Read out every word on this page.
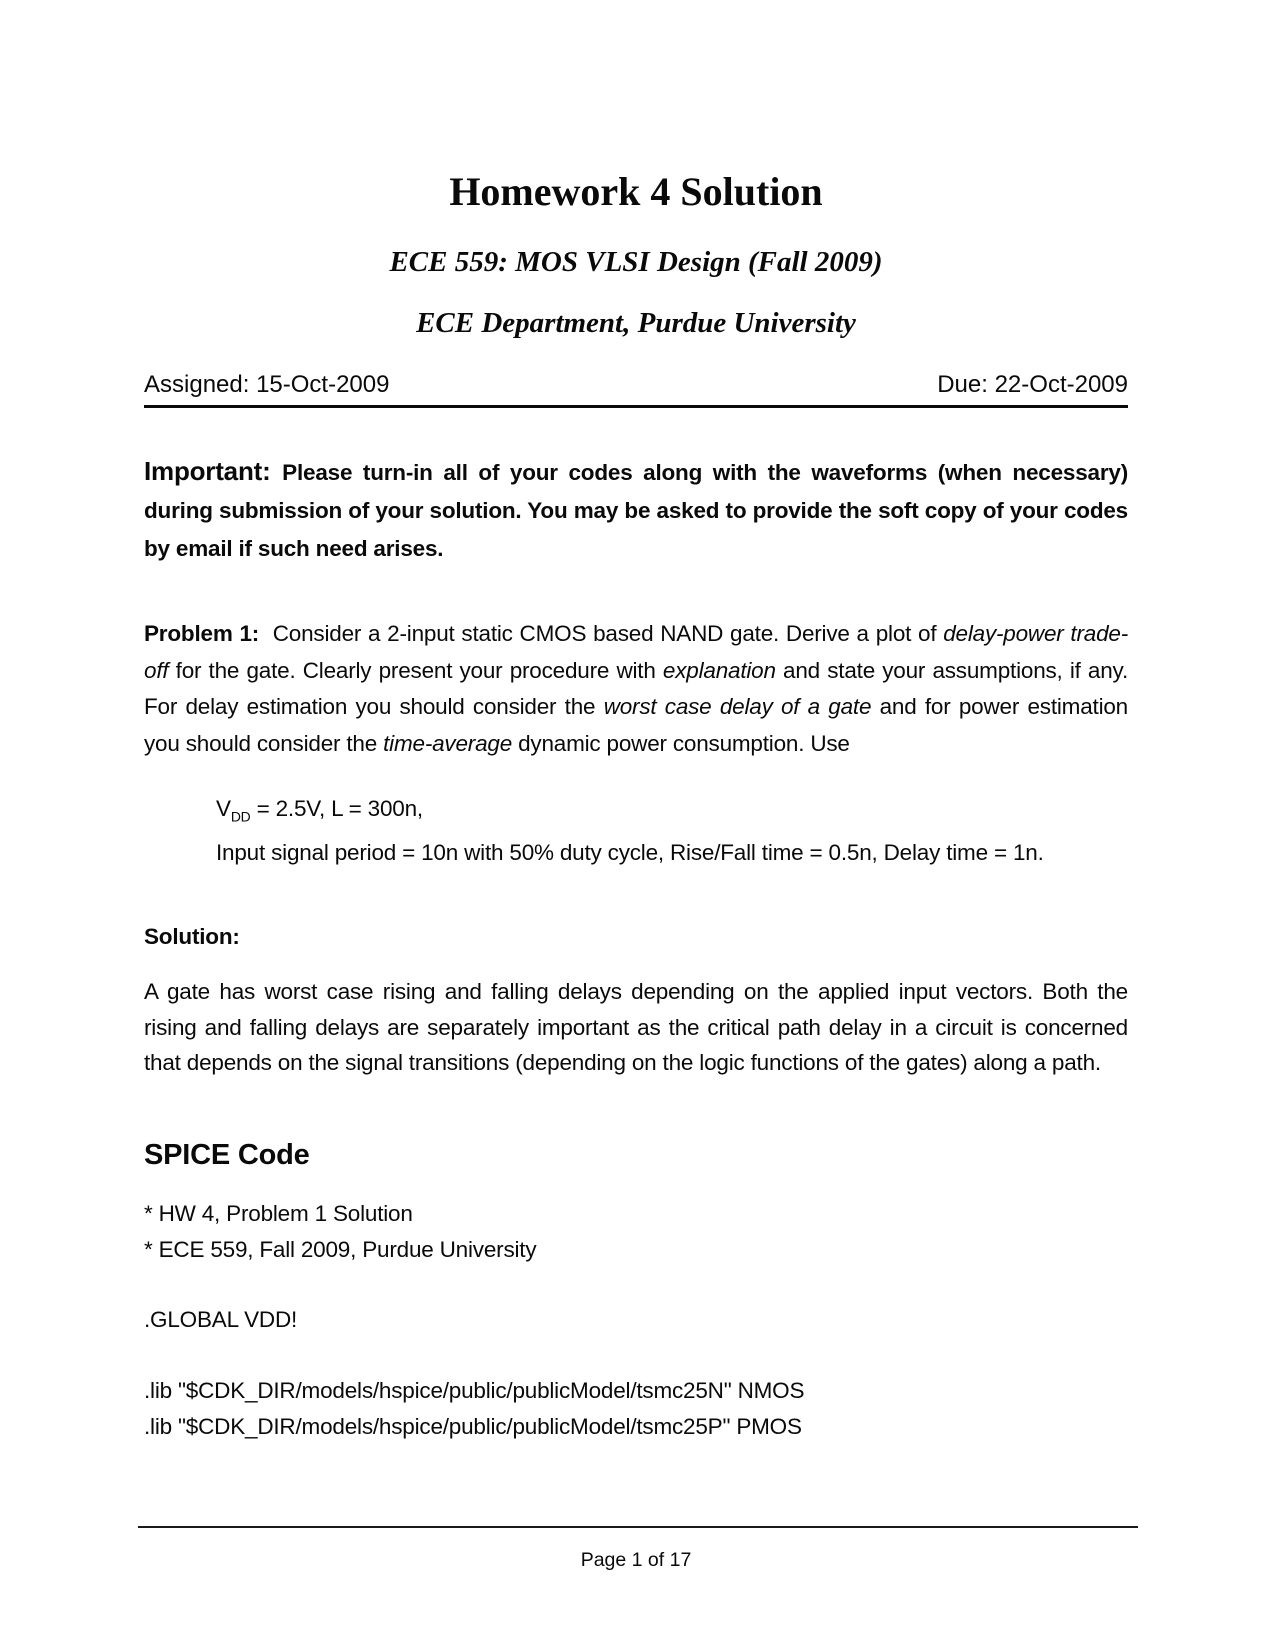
Homework 4 Solution
ECE 559: MOS VLSI Design (Fall 2009)
ECE Department, Purdue University
Assigned: 15-Oct-2009	Due: 22-Oct-2009

Important: Please turn-in all of your codes along with the waveforms (when necessary) during submission of your solution. You may be asked to provide the soft copy of your codes by email if such need arises.

Problem 1:  Consider a 2-input static CMOS based NAND gate. Derive a plot of delay-power trade-off for the gate. Clearly present your procedure with explanation and state your assumptions, if any. For delay estimation you should consider the worst case delay of a gate and for power estimation you should consider the time-average dynamic power consumption. Use

$V_{DD} = 2.5V$, L = 300n,
Input signal period = 10n with 50% duty cycle, Rise/Fall time = 0.5n, Delay time = 1n.

Solution:

A gate has worst case rising and falling delays depending on the applied input vectors. Both the rising and falling delays are separately important as the critical path delay in a circuit is concerned that depends on the signal transitions (depending on the logic functions of the gates) along a path.

SPICE Code
* HW 4, Problem 1 Solution
* ECE 559, Fall 2009, Purdue University
.GLOBAL VDD!
.lib "$CDK_DIR/models/hspice/public/publicModel/tsmc25N" NMOS
.lib "$CDK_DIR/models/hspice/public/publicModel/tsmc25P" PMOS
Page 1 of 17
